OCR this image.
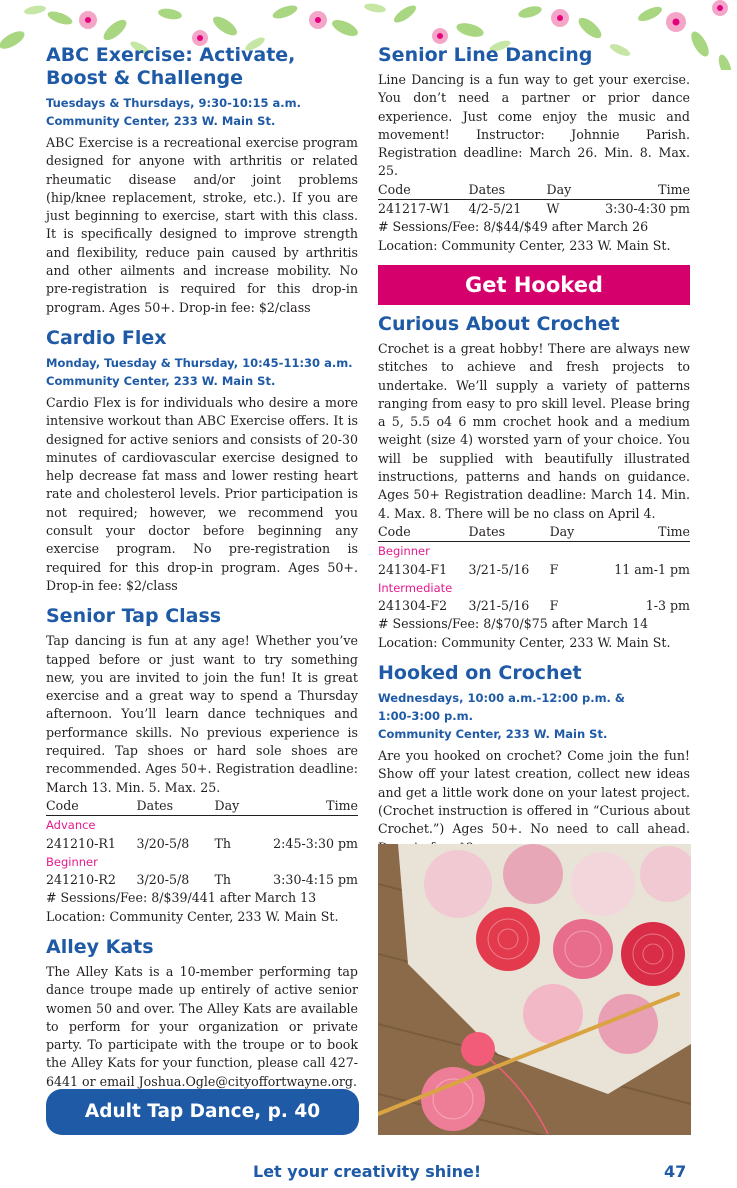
ABC Exercise: Activate, Boost & Challenge
Tuesdays & Thursdays, 9:30-10:15 a.m.
Community Center, 233 W. Main St.

ABC Exercise is a recreational exercise program designed for anyone with arthritis or related rheumatic disease and/or joint problems (hip/knee replacement, stroke, etc.). If you are just beginning to exercise, start with this class. It is specifically designed to improve strength and flexibility, reduce pain caused by arthritis and other ailments and increase mobility. No pre-registration is required for this drop-in program. Ages 50+. Drop-in fee: $2/class

Cardio Flex
Monday, Tuesday & Thursday, 10:45-11:30 a.m.
Community Center, 233 W. Main St.

Cardio Flex is for individuals who desire a more intensive workout than ABC Exercise offers. It is designed for active seniors and consists of 20-30 minutes of cardiovascular exercise designed to help decrease fat mass and lower resting heart rate and cholesterol levels. Prior participation is not required; however, we recommend you consult your doctor before beginning any exercise program. No pre-registration is required for this drop-in program. Ages 50+. Drop-in fee: $2/class

Senior Tap Class

Tap dancing is fun at any age! Whether you’ve tapped before or just want to try something new, you are invited to join the fun! It is great exercise and a great way to spend a Thursday afternoon. You’ll learn dance techniques and performance skills. No previous experience is required. Tap shoes or hard sole shoes are recommended. Ages 50+. Registration deadline: March 13. Min. 5. Max. 25.

Code	Dates	Day	Time
Advance			
241210-R1	3/20-5/8	Th	2:45-3:30 pm
Beginner			
241210-R2	3/20-5/8	Th	3:30-4:15 pm

# Sessions/Fee: 8/$39/441 after March 13

Location: Community Center, 233 W. Main St.

Alley Kats

The Alley Kats is a 10-member performing tap dance troupe made up entirely of active senior women 50 and over. The Alley Kats are available to perform for your organization or private party. To participate with the troupe or to book the Alley Kats for your function, please call 427-6441 or email Joshua.Ogle@cityoffortwayne.org.

Adult Tap Dance, p. 40
Senior Line Dancing

Line Dancing is a fun way to get your exercise. You don’t need a partner or prior dance experience. Just come enjoy the music and movement! Instructor: Johnnie Parish. Registration deadline: March 26. Min. 8. Max. 25.

Code	Dates	Day	Time
241217-W1	4/2-5/21	W	3:30-4:30 pm

# Sessions/Fee: 8/$44/$49 after March 26

Location: Community Center, 233 W. Main St.

Get Hooked
Curious About Crochet

Crochet is a great hobby! There are always new stitches to achieve and fresh projects to undertake. We’ll supply a variety of patterns ranging from easy to pro skill level. Please bring a 5, 5.5 o4 6 mm crochet hook and a medium weight (size 4) worsted yarn of your choice. You will be supplied with beautifully illustrated instructions, patterns and hands on guidance. Ages 50+ Registration deadline: March 14. Min. 4. Max. 8. There will be no class on April 4.

Code	Dates	Day	Time
Beginner			
241304-F1	3/21-5/16	F	11 am-1 pm
Intermediate			
241304-F2	3/21-5/16	F	1-3 pm

# Sessions/Fee: 8/$70/$75 after March 14

Location: Community Center, 233 W. Main St.

Hooked on Crochet
Wednesdays, 10:00 a.m.-12:00 p.m. &
1:00-3:00 p.m.
Community Center, 233 W. Main St.

Are you hooked on crochet? Come join the fun! Show off your latest creation, collect new ideas and get a little work done on your latest project. (Crochet instruction is offered in “Curious about Crochet.”) Ages 50+. No need to call ahead.

Let your creativity shine!	47
